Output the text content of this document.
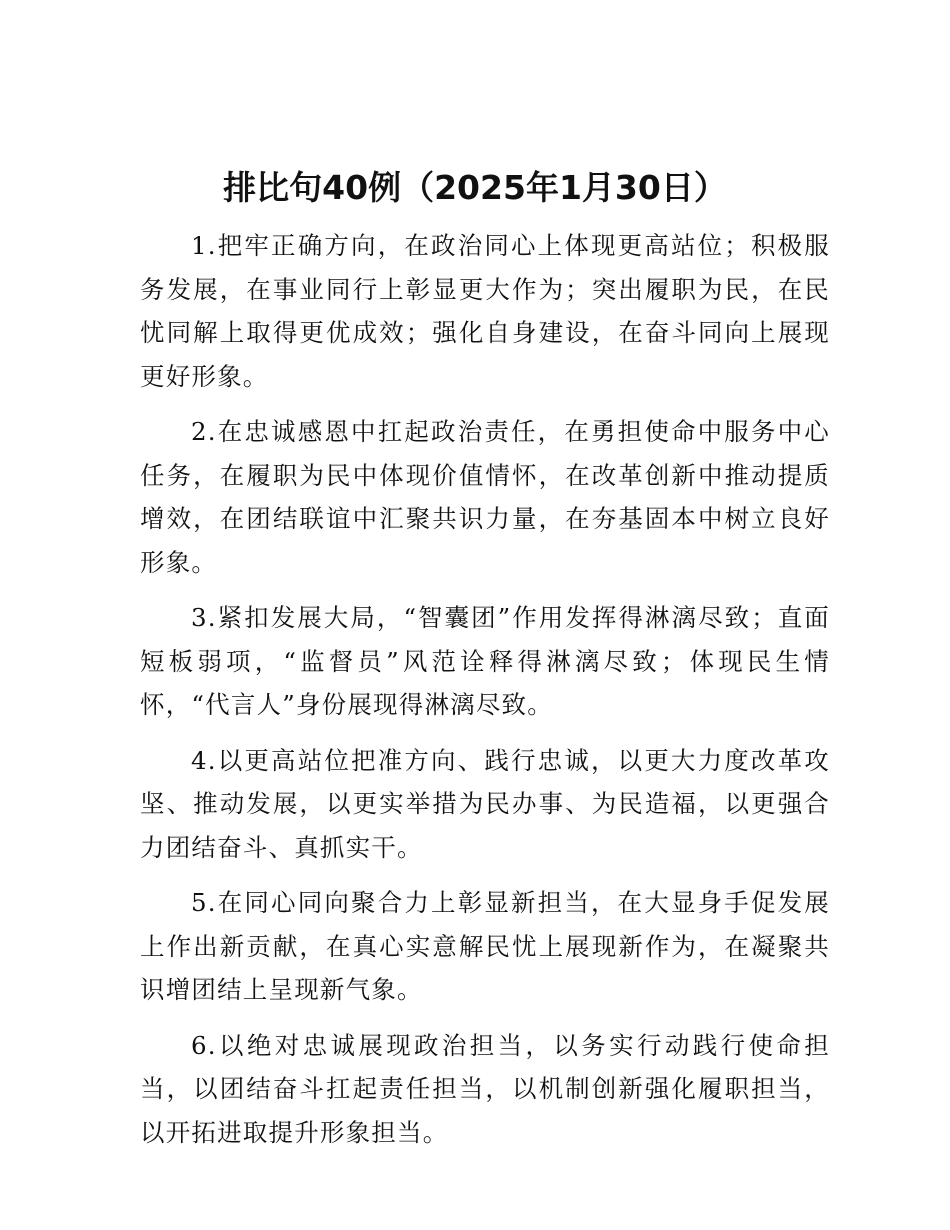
排比句40例（2025年1月30日）

1.把牢正确方向，在政治同心上体现更高站位；积极服务发展，在事业同行上彰显更大作为；突出履职为民，在民忧同解上取得更优成效；强化自身建设，在奋斗同向上展现更好形象。

2.在忠诚感恩中扛起政治责任，在勇担使命中服务中心任务，在履职为民中体现价值情怀，在改革创新中推动提质增效，在团结联谊中汇聚共识力量，在夯基固本中树立良好形象。

3.紧扣发展大局，“智囊团”作用发挥得淋漓尽致；直面短板弱项，“监督员”风范诠释得淋漓尽致；体现民生情怀，“代言人”身份展现得淋漓尽致。

4.以更高站位把准方向、践行忠诚，以更大力度改革攻坚、推动发展，以更实举措为民办事、为民造福，以更强合力团结奋斗、真抓实干。

5.在同心同向聚合力上彰显新担当，在大显身手促发展上作出新贡献，在真心实意解民忧上展现新作为，在凝聚共识增团结上呈现新气象。

6.以绝对忠诚展现政治担当，以务实行动践行使命担当，以团结奋斗扛起责任担当，以机制创新强化履职担当，以开拓进取提升形象担当。
